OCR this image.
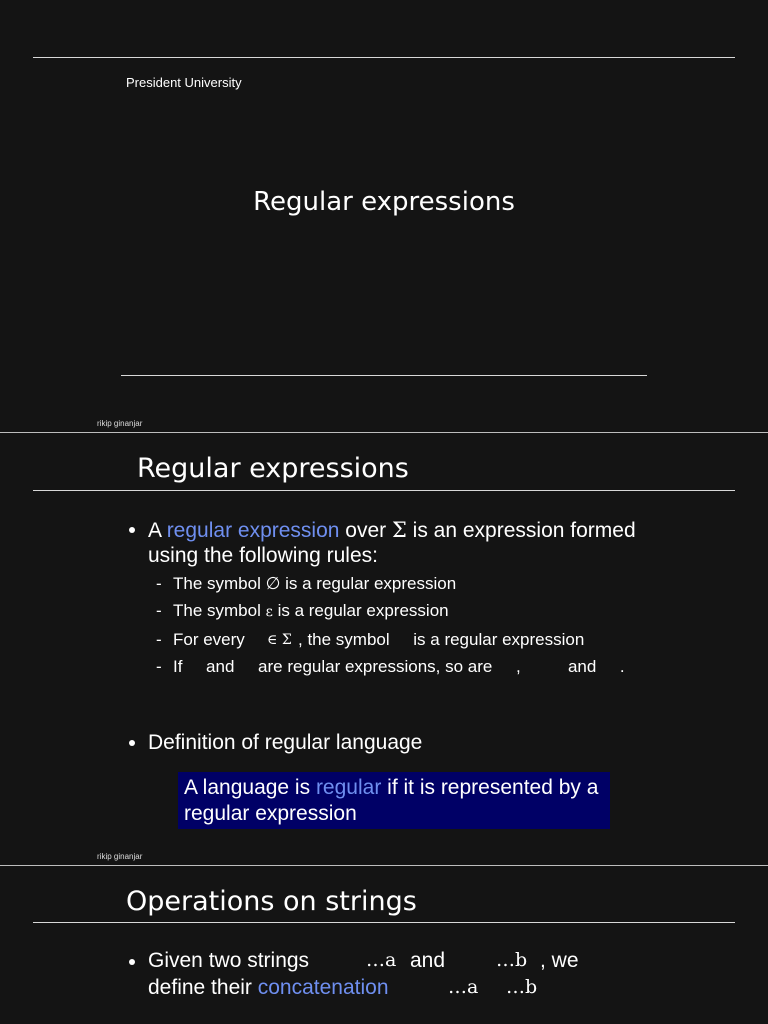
President University
Regular expressions
rikip ginanjar
Regular expressions
A regular expression over Σ is an expression formed
using the following rules:
- The symbol ∅ is a regular expression
- The symbol ε is a regular expression
- For every ∈ Σ , the symbol     is a regular expression
- If     and     are regular expressions, so are     ,          and     .
Definition of regular language
rikip ginanjar
A language is regular if it is represented by a
regular expression
Operations on strings
Given two strings	…a and	…b , we
define their concatenation	…a …b
